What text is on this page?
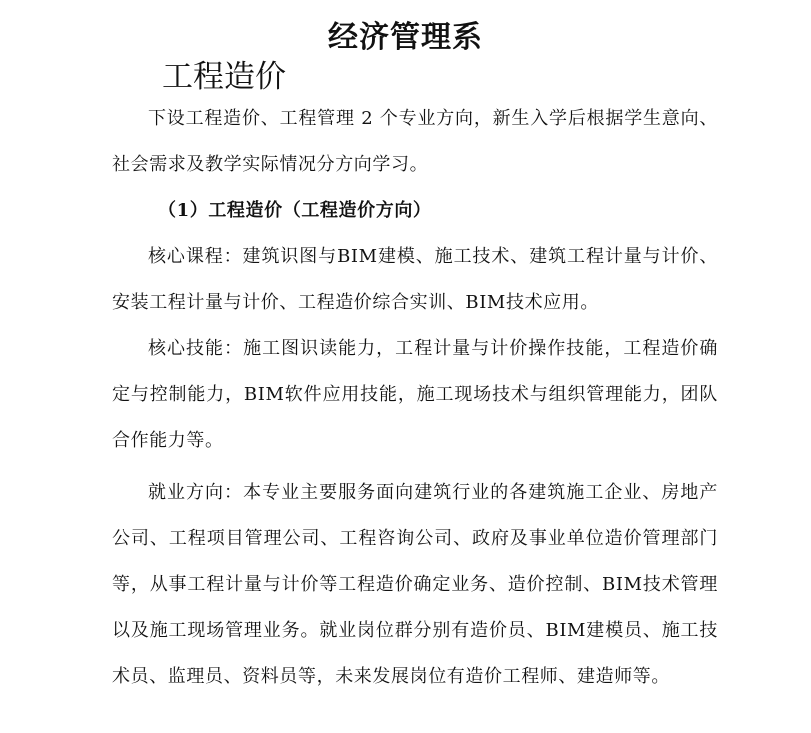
经济管理系
工程造价

下设工程造价、工程管理 2 个专业方向，新生入学后根据学生意向、社会需求及教学实际情况分方向学习。

（1）工程造价（工程造价方向）

核心课程：建筑识图与BIM建模、施工技术、建筑工程计量与计价、安装工程计量与计价、工程造价综合实训、BIM技术应用。

核心技能：施工图识读能力，工程计量与计价操作技能，工程造价确定与控制能力，BIM软件应用技能，施工现场技术与组织管理能力，团队合作能力等。

就业方向：本专业主要服务面向建筑行业的各建筑施工企业、房地产公司、工程项目管理公司、工程咨询公司、政府及事业单位造价管理部门等，从事工程计量与计价等工程造价确定业务、造价控制、BIM技术管理以及施工现场管理业务。就业岗位群分别有造价员、BIM建模员、施工技术员、监理员、资料员等，未来发展岗位有造价工程师、建造师等。
